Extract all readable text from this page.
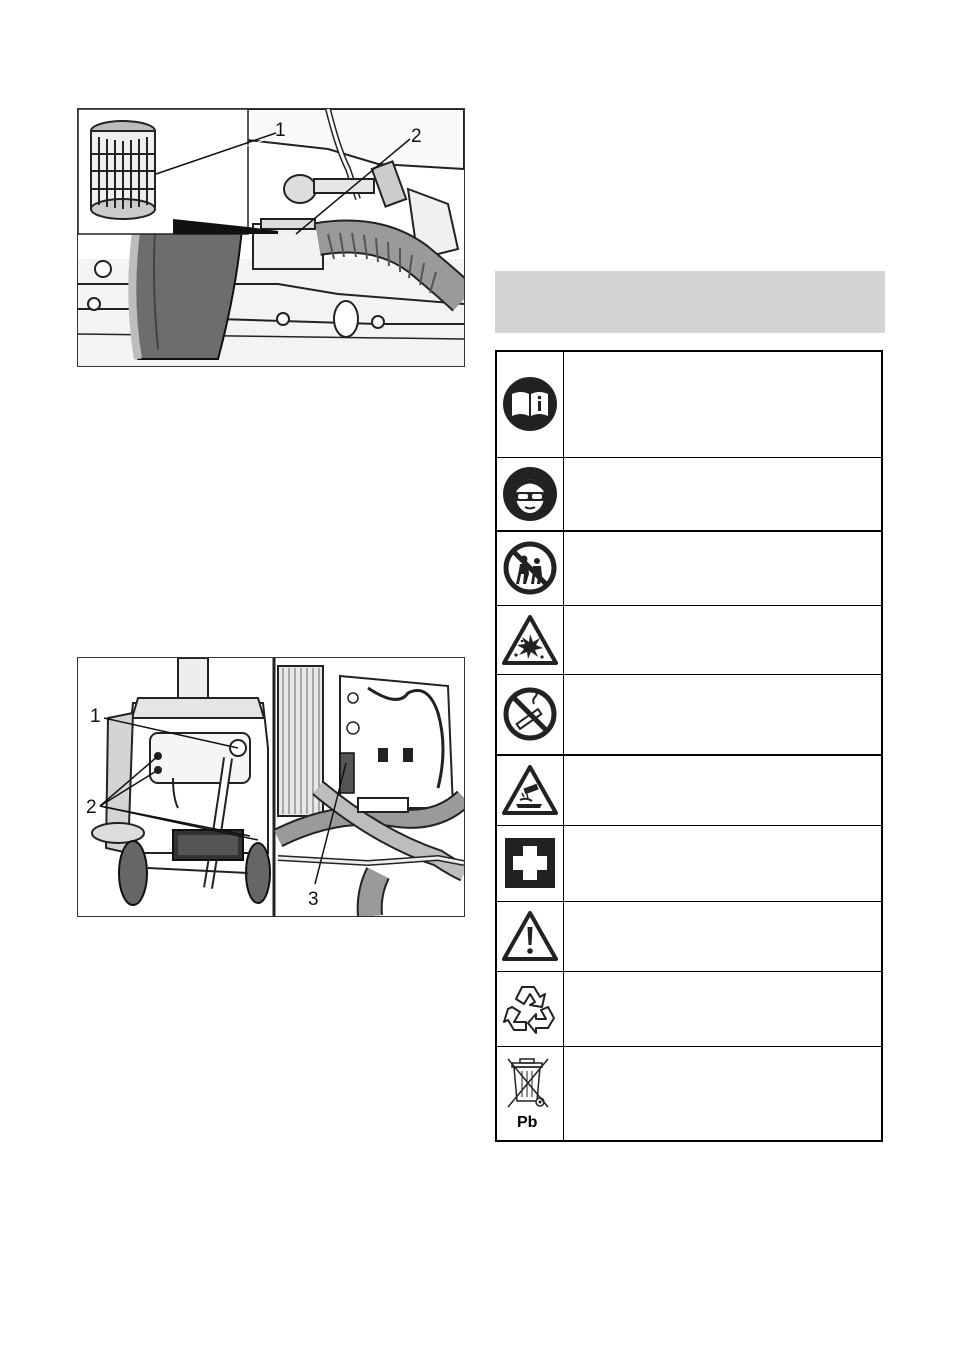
1	2
1
2
3

Pb	
